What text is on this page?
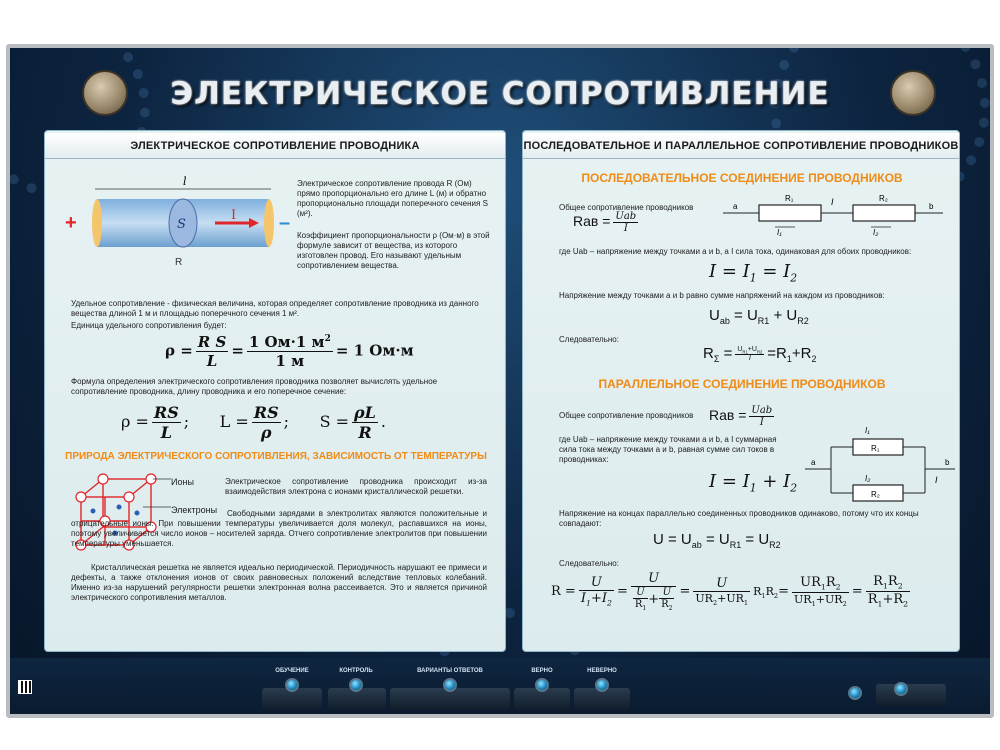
ЭЛЕКТРИЧЕСКОЕ СОПРОТИВЛЕНИЕ
ЭЛЕКТРИЧЕСКОЕ СОПРОТИВЛЕНИЕ ПРОВОДНИКА
l
S
I
R
+	–
Электрическое сопротивление провода R (Ом) прямо пропорционально его длине L (м) и обратно пропорционально площади поперечного сечения S (м²).
Коэффициент пропорциональности ρ (Ом·м) в этой формуле зависит от вещества, из которого изготовлен провод. Его называют удельным сопротивлением вещества.
Удельное сопротивление - физическая величина, которая определяет сопротивление проводника из данного вещества длиной 1 м и площадью поперечного сечения 1 м².
Единица удельного сопротивления будет:
$\rho = \frac{\text{R S}}{L} = 1$ Ом·1 $м^2$
1 м
= 1 Ом·м
Формула определения электрического сопротивления проводника позволяет вычислять удельное сопротивление проводника, длину проводника и его поперечное сечение:
$\rho = \frac{RS}{L}$ ;      $L = \frac{RS}{\rho}$ ;      $S = \frac{\rho L}{R}$ .
ПРИРОДА ЭЛЕКТРИЧЕСКОГО СОПРОТИВЛЕНИЯ, ЗАВИСИМОСТЬ ОТ ТЕМПЕРАТУРЫ
Ионы
Электроны
Электрическое сопротивление проводника происходит из-за взаимодействия электрона с ионами кристаллической решетки.
Свободными зарядами в электролитах являются положительные и отрицательные ионы. При повышении температуры увеличивается доля молекул, распавшихся на ионы, поэтому увеличивается число ионов – носителей заряда. Отчего сопротивление электролитов при повышении температуры уменьшается.
Кристаллическая решетка не является идеально периодической. Периодичность нарушают ее примеси и дефекты, а также отклонения ионов от своих равновесных положений вследствие тепловых колебаний. Именно из-за нарушений регулярности решетки электронная волна рассеивается. Это и является причиной электрического сопротивления металлов.
ПОСЛЕДОВАТЕЛЬНОЕ И ПАРАЛЛЕЛЬНОЕ СОПРОТИВЛЕНИЕ ПРОВОДНИКОВ
ПОСЛЕДОВАТЕЛЬНОЕ СОЕДИНЕНИЕ ПРОВОДНИКОВ
Общее сопротивление проводников
Rав = Uab
I
a	b
R₁	R₂
I
I₁	I₂
где Uab – напряжение между точками a и b, а I сила тока, одинаковая для обоих проводников:
$I = I_1 = I_2$
Напряжение между точками a и b равно сумме напряжений на каждом из проводников:
$U_{ab} = U_{R1} + U_{R2}$
Следовательно:
$R_\Sigma = \frac{U_{R1}+U_{R2}}{I} =R_1+R_2$
ПАРАЛЛЕЛЬНОЕ СОЕДИНЕНИЕ ПРОВОДНИКОВ
Общее сопротивление проводников	Rав = Uab
I
R₁
R₂
a	b
I₁
I₂	I
где Uab – напряжение между точками a и b, а I суммарная сила тока между точками a и b, равная сумме сил токов в проводниках:
$I = I_1 + I_2$
Напряжение на концах параллельно соединенных проводников одинаково, потому что их концы совпадают:
$U = U_{ab} = U_{R1} = U_{R2}$
Следовательно:
$R = \frac{U}{I_1+I_2} = \frac{U}{\frac{U}{R_1} + \frac{U}{R_2}}$ =
U
$UR_2+UR_1$
$R_1R_2=$
$UR_1R_2$
$UR_1+UR_2$
= $\frac{R_1R_2}{R_1+R_2}$
ОБУЧЕНИЕ	КОНТРОЛЬ	ВАРИАНТЫ ОТВЕТОВ	ВЕРНО	НЕВЕРНО
